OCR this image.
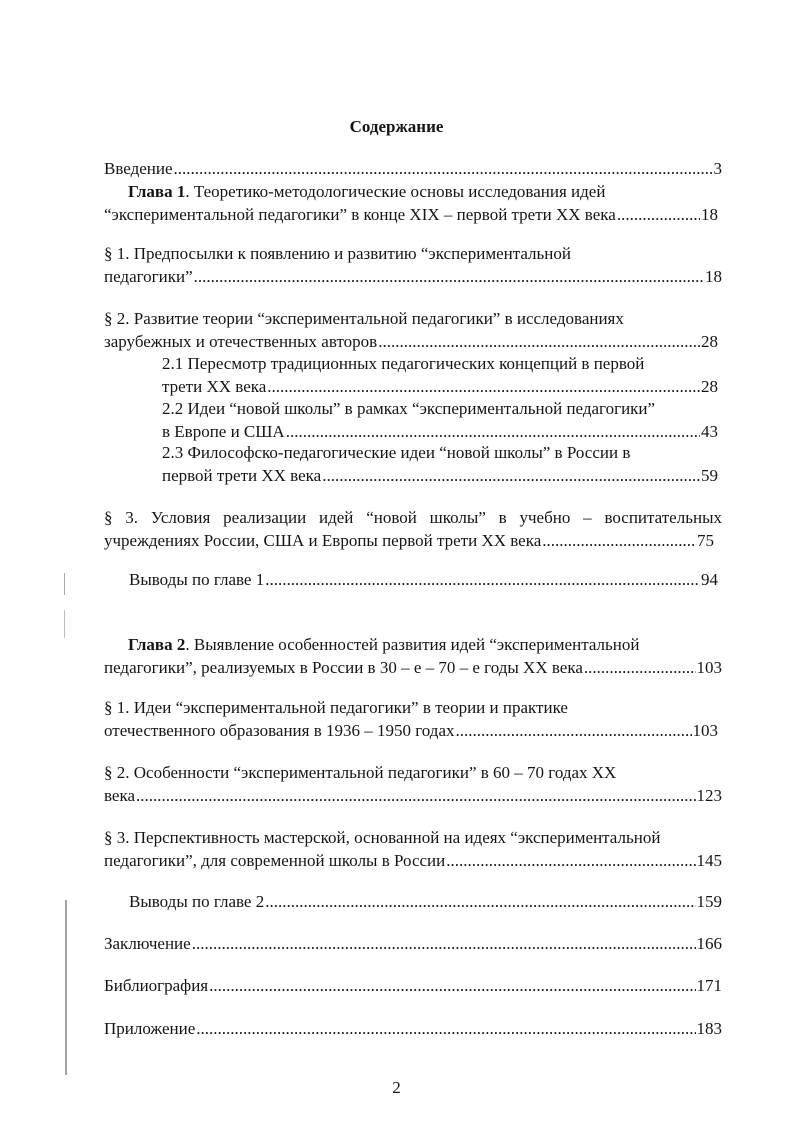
Содержание
Введение .....	3
Глава 1. Теоретико-методологические основы исследования идей
“экспериментальной педагогики” в конце XIX – первой трети XX века .....	18
§ 1. Предпосылки к появлению и развитию “экспериментальной
педагогики” .....	18
§ 2. Развитие теории “экспериментальной педагогики” в исследованиях
зарубежных и отечественных авторов .....	28
2.1 Пересмотр традиционных педагогических концепций в первой
трети XX века .....	28
2.2 Идеи “новой школы” в рамках “экспериментальной педагогики”
в Европе и США .....	43
2.3 Философско-педагогические идеи “новой школы” в России в
первой трети XX века .....	59
§ 3. Условия реализации идей “новой школы” в учебно – воспитательных
учреждениях России, США и Европы первой трети XX века .....	75
Выводы по главе 1 .....	94
Глава 2. Выявление особенностей развития идей “экспериментальной
педагогики”, реализуемых в России в 30 – е – 70 – е годы XX века .....	103
§ 1. Идеи “экспериментальной педагогики” в теории и практике
отечественного образования в 1936 – 1950 годах .....	103
§ 2. Особенности “экспериментальной педагогики” в 60 – 70 годах XX
века .....	123
§ 3. Перспективность мастерской, основанной на идеях “экспериментальной
педагогики”, для современной школы в России .....	145
Выводы по главе 2 .....	159
Заключение .....	166
Библиография .....	171
Приложение .....	183
2
